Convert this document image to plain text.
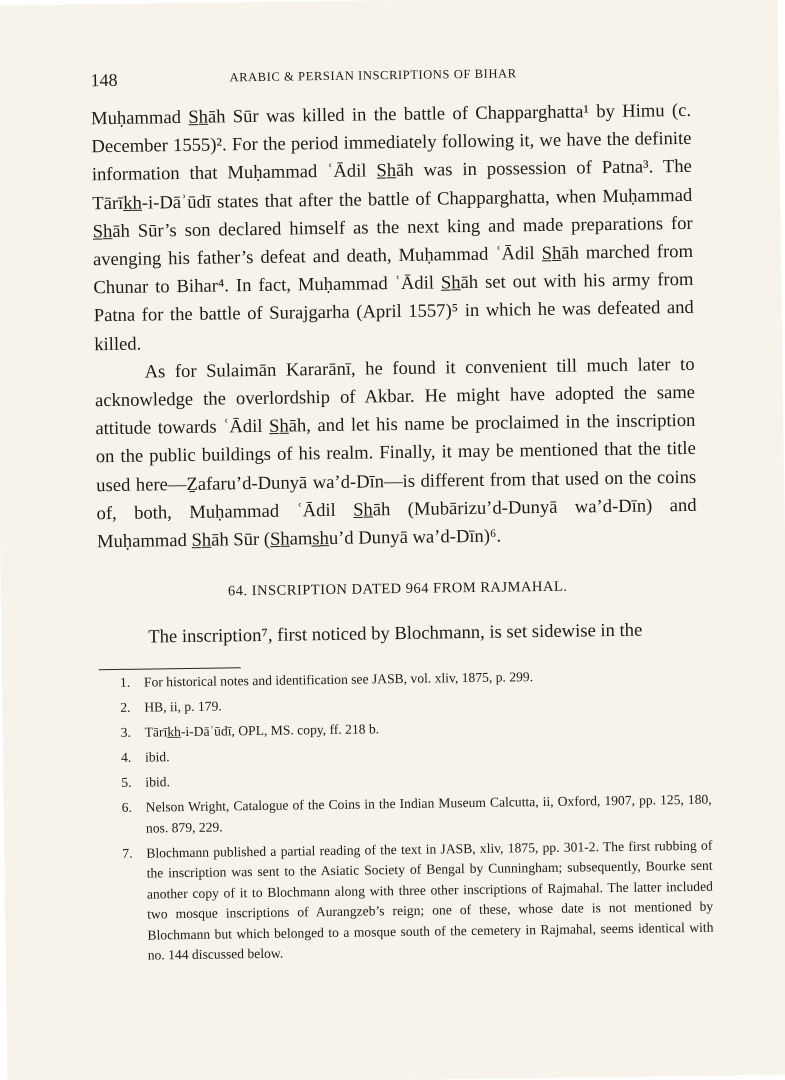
148	ARABIC & PERSIAN INSCRIPTIONS OF BIHAR

Muḥammad S̲h̲āh Sūr was killed in the battle of Chapparghatta¹ by Himu (c. December 1555)². For the period immediately following it, we have the definite information that Muḥammad ʿĀdil S̲h̲āh was in possession of Patna³. The Tārīk̲h̲-i-Dāʾūdī states that after the battle of Chapparghatta, when Muḥammad S̲h̲āh Sūr’s son declared himself as the next king and made preparations for avenging his father’s defeat and death, Muḥammad ʿĀdil S̲h̲āh marched from Chunar to Bihar⁴. In fact, Muḥammad ʿĀdil S̲h̲āh set out with his army from Patna for the battle of Surajgarha (April 1557)⁵ in which he was defeated and killed.

As for Sulaimān Kararānī, he found it convenient till much later to acknowledge the overlordship of Akbar. He might have adopted the same attitude towards ʿĀdil S̲h̲āh, and let his name be proclaimed in the inscription on the public buildings of his realm. Finally, it may be mentioned that the title used here—Ẕafaru’d-Dunyā wa’d-Dīn—is different from that used on the coins of, both, Muḥammad ʿĀdil S̲h̲āh (Mubārizu’d-Dunyā wa’d-Dīn) and Muḥammad S̲h̲āh Sūr (S̲h̲ams̲h̲u’d Dunyā wa’d-Dīn)⁶.

64. INSCRIPTION DATED 964 FROM RAJMAHAL.

The inscription⁷, first noticed by Blochmann, is set sidewise in the

1. For historical notes and identification see JASB, vol. xliv, 1875, p. 299.
2. HB, ii, p. 179.
3. Tārīk̲h̲-i-Dāʾūdī, OPL, MS. copy, ff. 218 b.
4. ibid.
5. ibid.
6. Nelson Wright, Catalogue of the Coins in the Indian Museum Calcutta, ii, Oxford, 1907, pp. 125, 180, nos. 879, 229.
7. Blochmann published a partial reading of the text in JASB, xliv, 1875, pp. 301-2. The first rubbing of the inscription was sent to the Asiatic Society of Bengal by Cunningham; subsequently, Bourke sent another copy of it to Blochmann along with three other inscriptions of Rajmahal. The latter included two mosque inscriptions of Aurangzeb’s reign; one of these, whose date is not mentioned by Blochmann but which belonged to a mosque south of the cemetery in Rajmahal, seems identical with no. 144 discussed below.
